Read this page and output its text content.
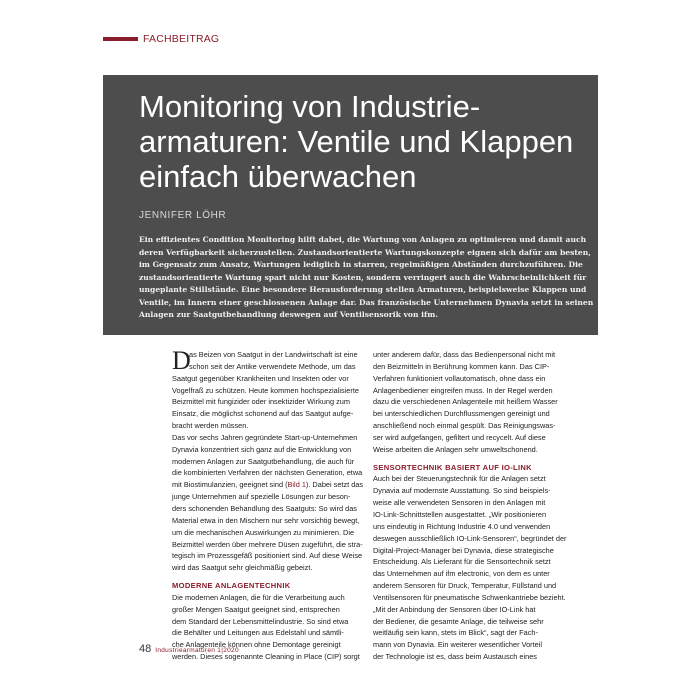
FACHBEITRAG
Monitoring von Industrie-
armaturen: Ventile und Klappen
einfach überwachen
JENNIFER LÖHR
Ein effizientes Condition Monitoring hilft dabei, die Wartung von Anlagen zu optimieren und damit auch
deren Verfügbarkeit sicherzustellen. Zustandsorientierte Wartungskonzepte eignen sich dafür am besten,
im Gegensatz zum Ansatz, Wartungen lediglich in starren, regelmäßigen Abständen durchzuführen. Die
zustandsorientierte Wartung spart nicht nur Kosten, sondern verringert auch die Wahrscheinlichkeit für
ungeplante Stillstände. Eine besondere Herausforderung stellen Armaturen, beispielsweise Klappen und
Ventile, im Innern einer geschlossenen Anlage dar. Das französische Unternehmen Dynavia setzt in seinen
Anlagen zur Saatgutbehandlung deswegen auf Ventilsensorik von ifm.
D
as Beizen von Saatgut in der Landwirtschaft ist eine
schon seit der Antike verwendete Methode, um das
Saatgut gegenüber Krankheiten und Insekten oder vor
Vogelfraß zu schützen. Heute kommen hochspezialisierte
Beizmittel mit fungizider oder insektizider Wirkung zum
Einsatz, die möglichst schonend auf das Saatgut aufge-
bracht werden müssen.
Das vor sechs Jahren gegründete Start-up-Unternehmen
Dynavia konzentriert sich ganz auf die Entwicklung von
modernen Anlagen zur Saatgutbehandlung, die auch für
die kombinierten Verfahren der nächsten Generation, etwa
mit Biostimulanzien, geeignet sind (Bild 1). Dabei setzt das
junge Unternehmen auf spezielle Lösungen zur beson-
ders schonenden Behandlung des Saatguts: So wird das
Material etwa in den Mischern nur sehr vorsichtig bewegt,
um die mechanischen Auswirkungen zu minimieren. Die
Beizmittel werden über mehrere Düsen zugeführt, die stra-
tegisch im Prozessgefäß positioniert sind. Auf diese Weise
wird das Saatgut sehr gleichmäßig gebeizt.
MODERNE ANLAGENTECHNIK
Die modernen Anlagen, die für die Verarbeitung auch
großer Mengen Saatgut geeignet sind, entsprechen
dem Standard der Lebensmittelindustrie. So sind etwa
die Behälter und Leitungen aus Edelstahl und sämtli-
che Anlagenteile können ohne Demontage gereinigt
werden. Dieses sogenannte Cleaning in Place (CIP) sorgt
unter anderem dafür, dass das Bedienpersonal nicht mit
den Beizmitteln in Berührung kommen kann. Das CIP-
Verfahren funktioniert vollautomatisch, ohne dass ein
Anlagenbediener eingreifen muss. In der Regel werden
dazu die verschiedenen Anlagenteile mit heißem Wasser
bei unterschiedlichen Durchflussmengen gereinigt und
anschließend noch einmal gespült. Das Reinigungswas-
ser wird aufgefangen, gefiltert und recycelt. Auf diese
Weise arbeiten die Anlagen sehr umweltschonend.
SENSORTECHNIK BASIERT AUF IO-LINK
Auch bei der Steuerungstechnik für die Anlagen setzt
Dynavia auf modernste Ausstattung. So sind beispiels-
weise alle verwendeten Sensoren in den Anlagen mit
IO-Link-Schnittstellen ausgestattet. „Wir positionieren
uns eindeutig in Richtung Industrie 4.0 und verwenden
deswegen ausschließlich IO-Link-Sensoren“, begründet der
Digital-Project-Manager bei Dynavia, diese strategische
Entscheidung. Als Lieferant für die Sensortechnik setzt
das Unternehmen auf ifm electronic, von dem es unter
anderem Sensoren für Druck, Temperatur, Füllstand und
Ventilsensoren für pneumatische Schwenkantriebe bezieht.
„Mit der Anbindung der Sensoren über IO-Link hat
der Bediener, die gesamte Anlage, die teilweise sehr
weitläufig sein kann, stets im Blick“, sagt der Fach-
mann von Dynavia. Ein weiterer wesentlicher Vorteil
der Technologie ist es, dass beim Austausch eines
48 Industriearmaturen 1|2020
